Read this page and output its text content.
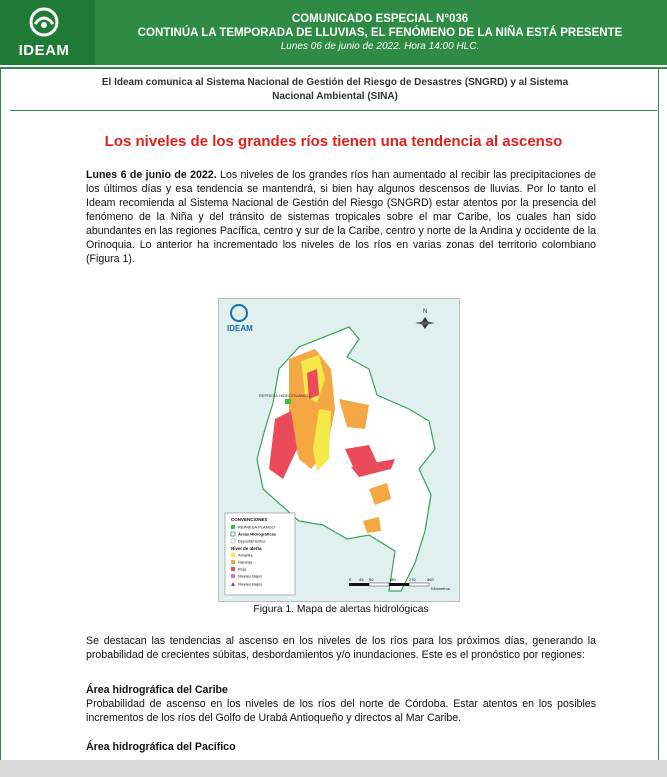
IDEAM
COMUNICADO ESPECIAL N°036
CONTINÚA LA TEMPORADA DE LLUVIAS, EL FENÓMENO DE LA NIÑA ESTÁ PRESENTE
Lunes 06 de junio de 2022. Hora 14:00 HLC.
El Ideam comunica al Sistema Nacional de Gestión del Riesgo de Desastres (SNGRD) y al Sistema Nacional Ambiental (SINA)
Los niveles de los grandes ríos tienen una tendencia al ascenso

Lunes 6 de junio de 2022. Los niveles de los grandes ríos han aumentado al recibir las precipitaciones de los últimos días y esa tendencia se mantendrá, si bien hay algunos descensos de lluvias. Por lo tanto el Ideam recomienda al Sistema Nacional de Gestión del Riesgo (SNGRD) estar atentos por la presencia del fenómeno de la Niña y del tránsito de sistemas tropicales sobre el mar Caribe, los cuales han sido abundantes en las regiones Pacífica, centro y sur de la Caribe, centro y norte de la Andina y occidente de la Orinoquia. Lo anterior ha incrementado los niveles de los ríos en varias zonas del territorio colombiano (Figura 1).

N
IDEAM
REPRESA HIDROITUANGO
CONVENCIONES
REPRESA PLANGO
Áreas Hidrográficas
Departamentos
Nivel de alerta
Amarilla
Naranja
Roja
Niveles Bajos
Niveles Bajos
0 45 90	180	270	360
Kilómetros
Figura 1. Mapa de alertas hidrológicas

Se destacan las tendencias al ascenso en los niveles de los ríos para los próximos días, generando la probabilidad de crecientes súbitas, desbordamientos y/o inundaciones. Este es el pronóstico por regiones:

Área hidrográfica del Caribe

Probabilidad de ascenso en los niveles de los ríos del norte de Córdoba. Estar atentos en los posibles incrementos de los ríos del Golfo de Urabá Antioqueño y directos al Mar Caribe.

Área hidrográfica del Pacífico
